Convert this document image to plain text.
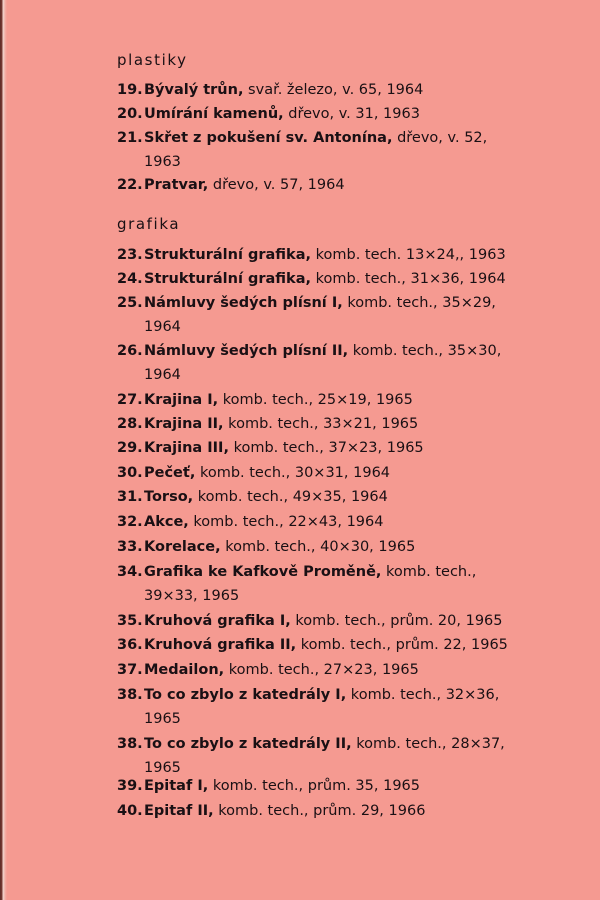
plastiky
19. Bývalý trůn, svař. železo, v. 65, 1964
20. Umírání kamenů, dřevo, v. 31, 1963
21. Skřet z pokušení sv. Antonína, dřevo, v. 52,
1963
22. Pratvar, dřevo, v. 57, 1964
grafika
23. Strukturální grafika, komb. tech. 13×24,, 1963
24. Strukturální grafika, komb. tech., 31×36, 1964
25. Námluvy šedých plísní I, komb. tech., 35×29,
1964
26. Námluvy šedých plísní II, komb. tech., 35×30,
1964
27. Krajina I, komb. tech., 25×19, 1965
28. Krajina II, komb. tech., 33×21, 1965
29. Krajina III, komb. tech., 37×23, 1965
30. Pečeť, komb. tech., 30×31, 1964
31. Torso, komb. tech., 49×35, 1964
32. Akce, komb. tech., 22×43, 1964
33. Korelace, komb. tech., 40×30, 1965
34. Grafika ke Kafkově Proměně, komb. tech.,
39×33, 1965
35. Kruhová grafika I, komb. tech., prům. 20, 1965
36. Kruhová grafika II, komb. tech., prům. 22, 1965
37. Medailon, komb. tech., 27×23, 1965
38. To co zbylo z katedrály I, komb. tech., 32×36,
1965
38. To co zbylo z katedrály II, komb. tech., 28×37,
1965
39. Epitaf I, komb. tech., prům. 35, 1965
40. Epitaf II, komb. tech., prům. 29, 1966
